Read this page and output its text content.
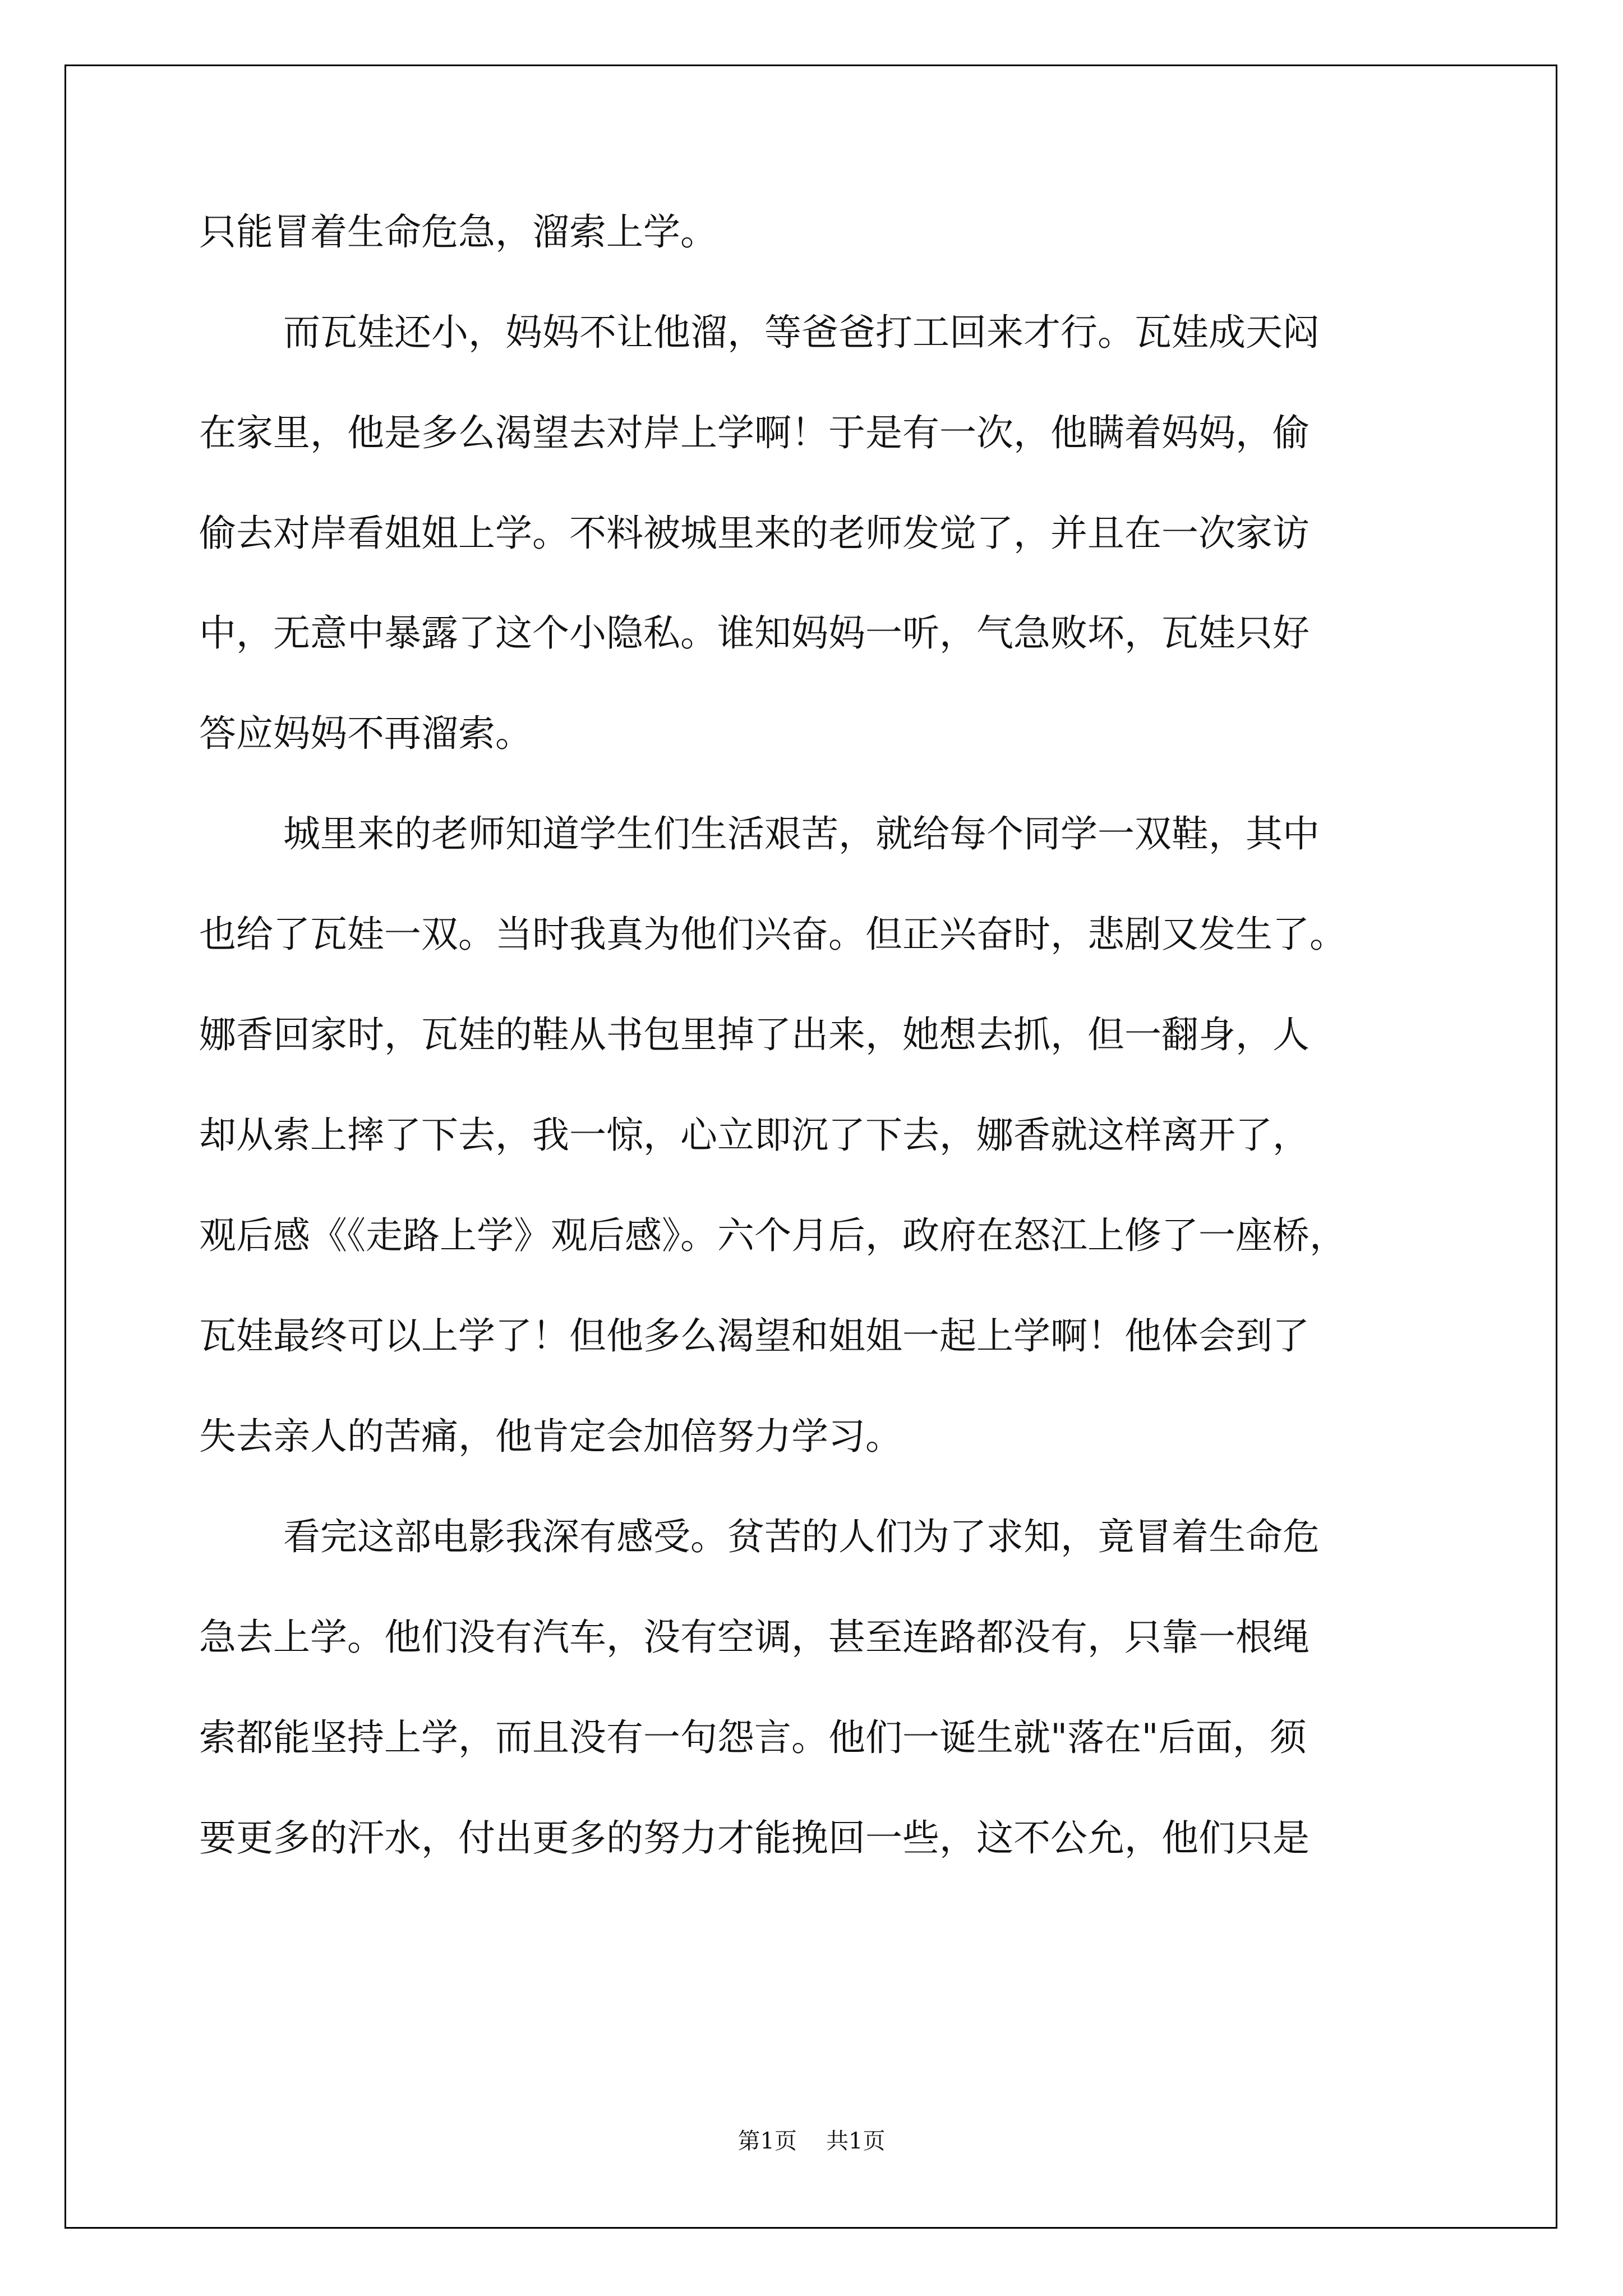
只能冒着生命危急，溜索上学。

而瓦娃还小，妈妈不让他溜，等爸爸打工回来才行。瓦娃成天闷

在家里，他是多么渴望去对岸上学啊！于是有一次，他瞒着妈妈，偷

偷去对岸看姐姐上学。不料被城里来的老师发觉了，并且在一次家访

中，无意中暴露了这个小隐私。谁知妈妈一听，气急败坏，瓦娃只好

答应妈妈不再溜索。

城里来的老师知道学生们生活艰苦，就给每个同学一双鞋，其中

也给了瓦娃一双。当时我真为他们兴奋。但正兴奋时，悲剧又发生了。

娜香回家时，瓦娃的鞋从书包里掉了出来，她想去抓，但一翻身，人

却从索上摔了下去，我一惊，心立即沉了下去，娜香就这样离开了，

观后感《《走路上学》观后感》。六个月后，政府在怒江上修了一座桥，

瓦娃最终可以上学了！但他多么渴望和姐姐一起上学啊！他体会到了

失去亲人的苦痛，他肯定会加倍努力学习。

看完这部电影我深有感受。贫苦的人们为了求知，竟冒着生命危

急去上学。他们没有汽车，没有空调，甚至连路都没有，只靠一根绳

索都能坚持上学，而且没有一句怨言。他们一诞生就"落在"后面，须

要更多的汗水，付出更多的努力才能挽回一些，这不公允，他们只是

第1页 共1页
